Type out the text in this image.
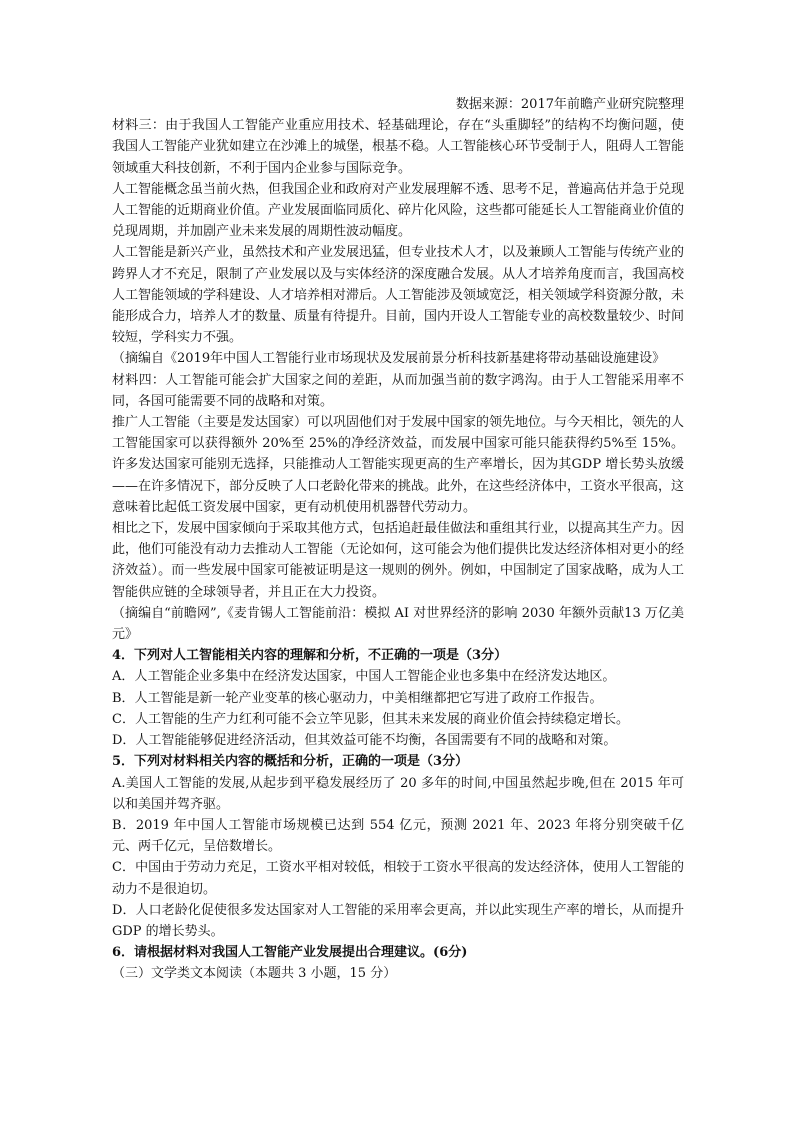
数据来源：2017年前瞻产业研究院整理

材料三：由于我国人工智能产业重应用技术、轻基础理论，存在“头重脚轻”的结构不均衡问题，使我国人工智能产业犹如建立在沙滩上的城堡，根基不稳。人工智能核心环节受制于人，阻碍人工智能领域重大科技创新，不利于国内企业参与国际竞争。

人工智能概念虽当前火热，但我国企业和政府对产业发展理解不透、思考不足，普遍高估并急于兑现人工智能的近期商业价值。产业发展面临同质化、碎片化风险，这些都可能延长人工智能商业价值的兑现周期，并加剧产业未来发展的周期性波动幅度。

人工智能是新兴产业，虽然技术和产业发展迅猛，但专业技术人才，以及兼顾人工智能与传统产业的跨界人才不充足，限制了产业发展以及与实体经济的深度融合发展。从人才培养角度而言，我国高校人工智能领域的学科建设、人才培养相对滞后。人工智能涉及领域宽泛，相关领域学科资源分散，未能形成合力，培养人才的数量、质量有待提升。目前，国内开设人工智能专业的高校数量较少、时间较短，学科实力不强。

（摘编自《2019年中国人工智能行业市场现状及发展前景分析科技新基建将带动基础设施建设》

材料四：人工智能可能会扩大国家之间的差距，从而加强当前的数字鸿沟。由于人工智能采用率不同，各国可能需要不同的战略和对策。

推广人工智能（主要是发达国家）可以巩固他们对于发展中国家的领先地位。与今天相比，领先的人工智能国家可以获得额外 20%至 25%的净经济效益，而发展中国家可能只能获得约5%至 15%。许多发达国家可能别无选择，只能推动人工智能实现更高的生产率增长，因为其GDP 增长势头放缓——在许多情况下，部分反映了人口老龄化带来的挑战。此外，在这些经济体中，工资水平很高，这意味着比起低工资发展中国家，更有动机使用机器替代劳动力。

相比之下，发展中国家倾向于采取其他方式，包括追赶最佳做法和重组其行业，以提高其生产力。因此，他们可能没有动力去推动人工智能（无论如何，这可能会为他们提供比发达经济体相对更小的经济效益）。而一些发展中国家可能被证明是这一规则的例外。例如，中国制定了国家战略，成为人工智能供应链的全球领导者，并且正在大力投资。

（摘编自“前瞻网”,《麦肯锡人工智能前沿：模拟 AI 对世界经济的影响 2030 年额外贡献13 万亿美元》

4．下列对人工智能相关内容的理解和分析，不正确的一项是（3分）

A．人工智能企业多集中在经济发达国家，中国人工智能企业也多集中在经济发达地区。

B．人工智能是新一轮产业变革的核心驱动力，中美相继都把它写进了政府工作报告。

C．人工智能的生产力红利可能不会立竿见影，但其未来发展的商业价值会持续稳定增长。

D．人工智能能够促进经济活动，但其效益可能不均衡，各国需要有不同的战略和对策。

5．下列对材料相关内容的概括和分析，正确的一项是（3分）

A.美国人工智能的发展,从起步到平稳发展经历了 20 多年的时间,中国虽然起步晚,但在 2015 年可以和美国并驾齐驱。

B．2019 年中国人工智能市场规模已达到 554 亿元，预测 2021 年、2023 年将分别突破千亿元、两千亿元，呈倍数增长。

C．中国由于劳动力充足，工资水平相对较低，相较于工资水平很高的发达经济体，使用人工智能的动力不是很迫切。

D．人口老龄化促使很多发达国家对人工智能的采用率会更高，并以此实现生产率的增长，从而提升 GDP 的增长势头。

6．请根据材料对我国人工智能产业发展提出合理建议。(6分)

（三）文学类文本阅读（本题共 3 小题，15 分）
